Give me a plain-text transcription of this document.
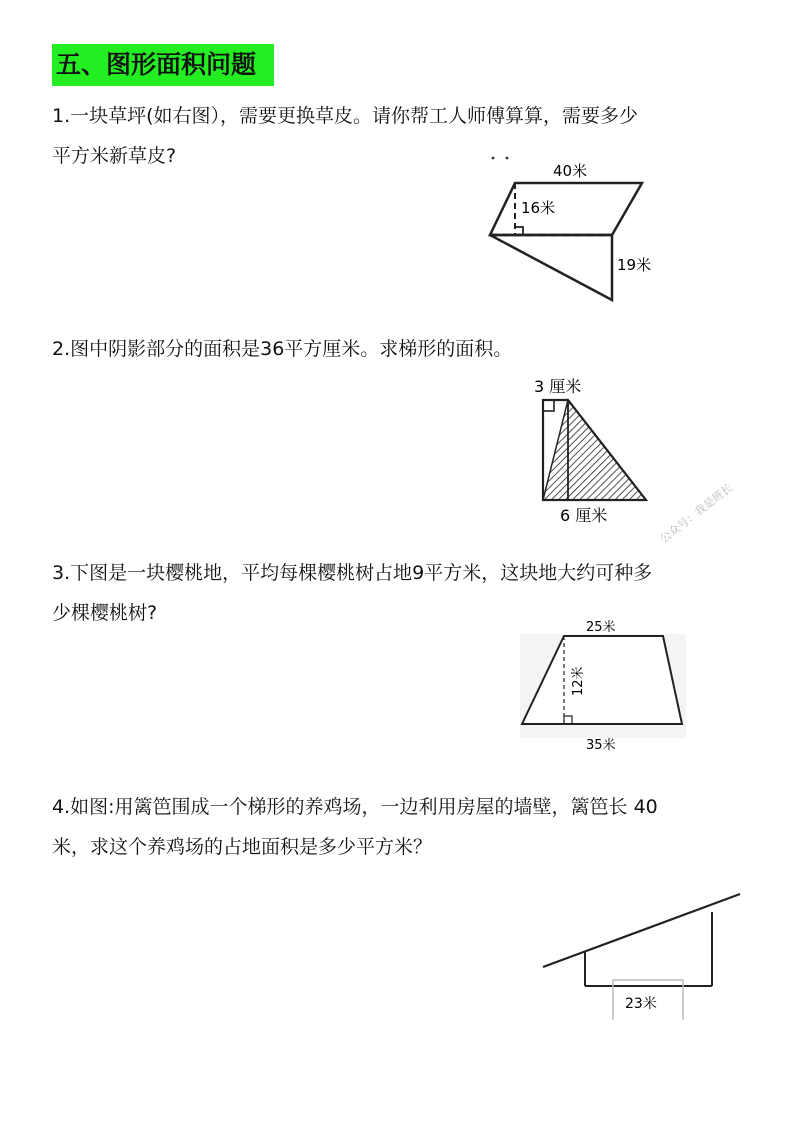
五、图形面积问题
1.一块草坪(如右图），需要更换草皮。请你帮工人师傅算算，需要多少
平方米新草皮?
40米
16米
19米
2.图中阴影部分的面积是36平方厘米。求梯形的面积。
3 厘米
6 厘米	公众号：我是班长
3.下图是一块樱桃地，平均每棵樱桃树占地9平方米，这块地大约可种多
少棵樱桃树?
25米
12米
35米
4.如图:用篱笆围成一个梯形的养鸡场，一边利用房屋的墙壁，篱笆长 40
米，求这个养鸡场的占地面积是多少平方米？
23米
